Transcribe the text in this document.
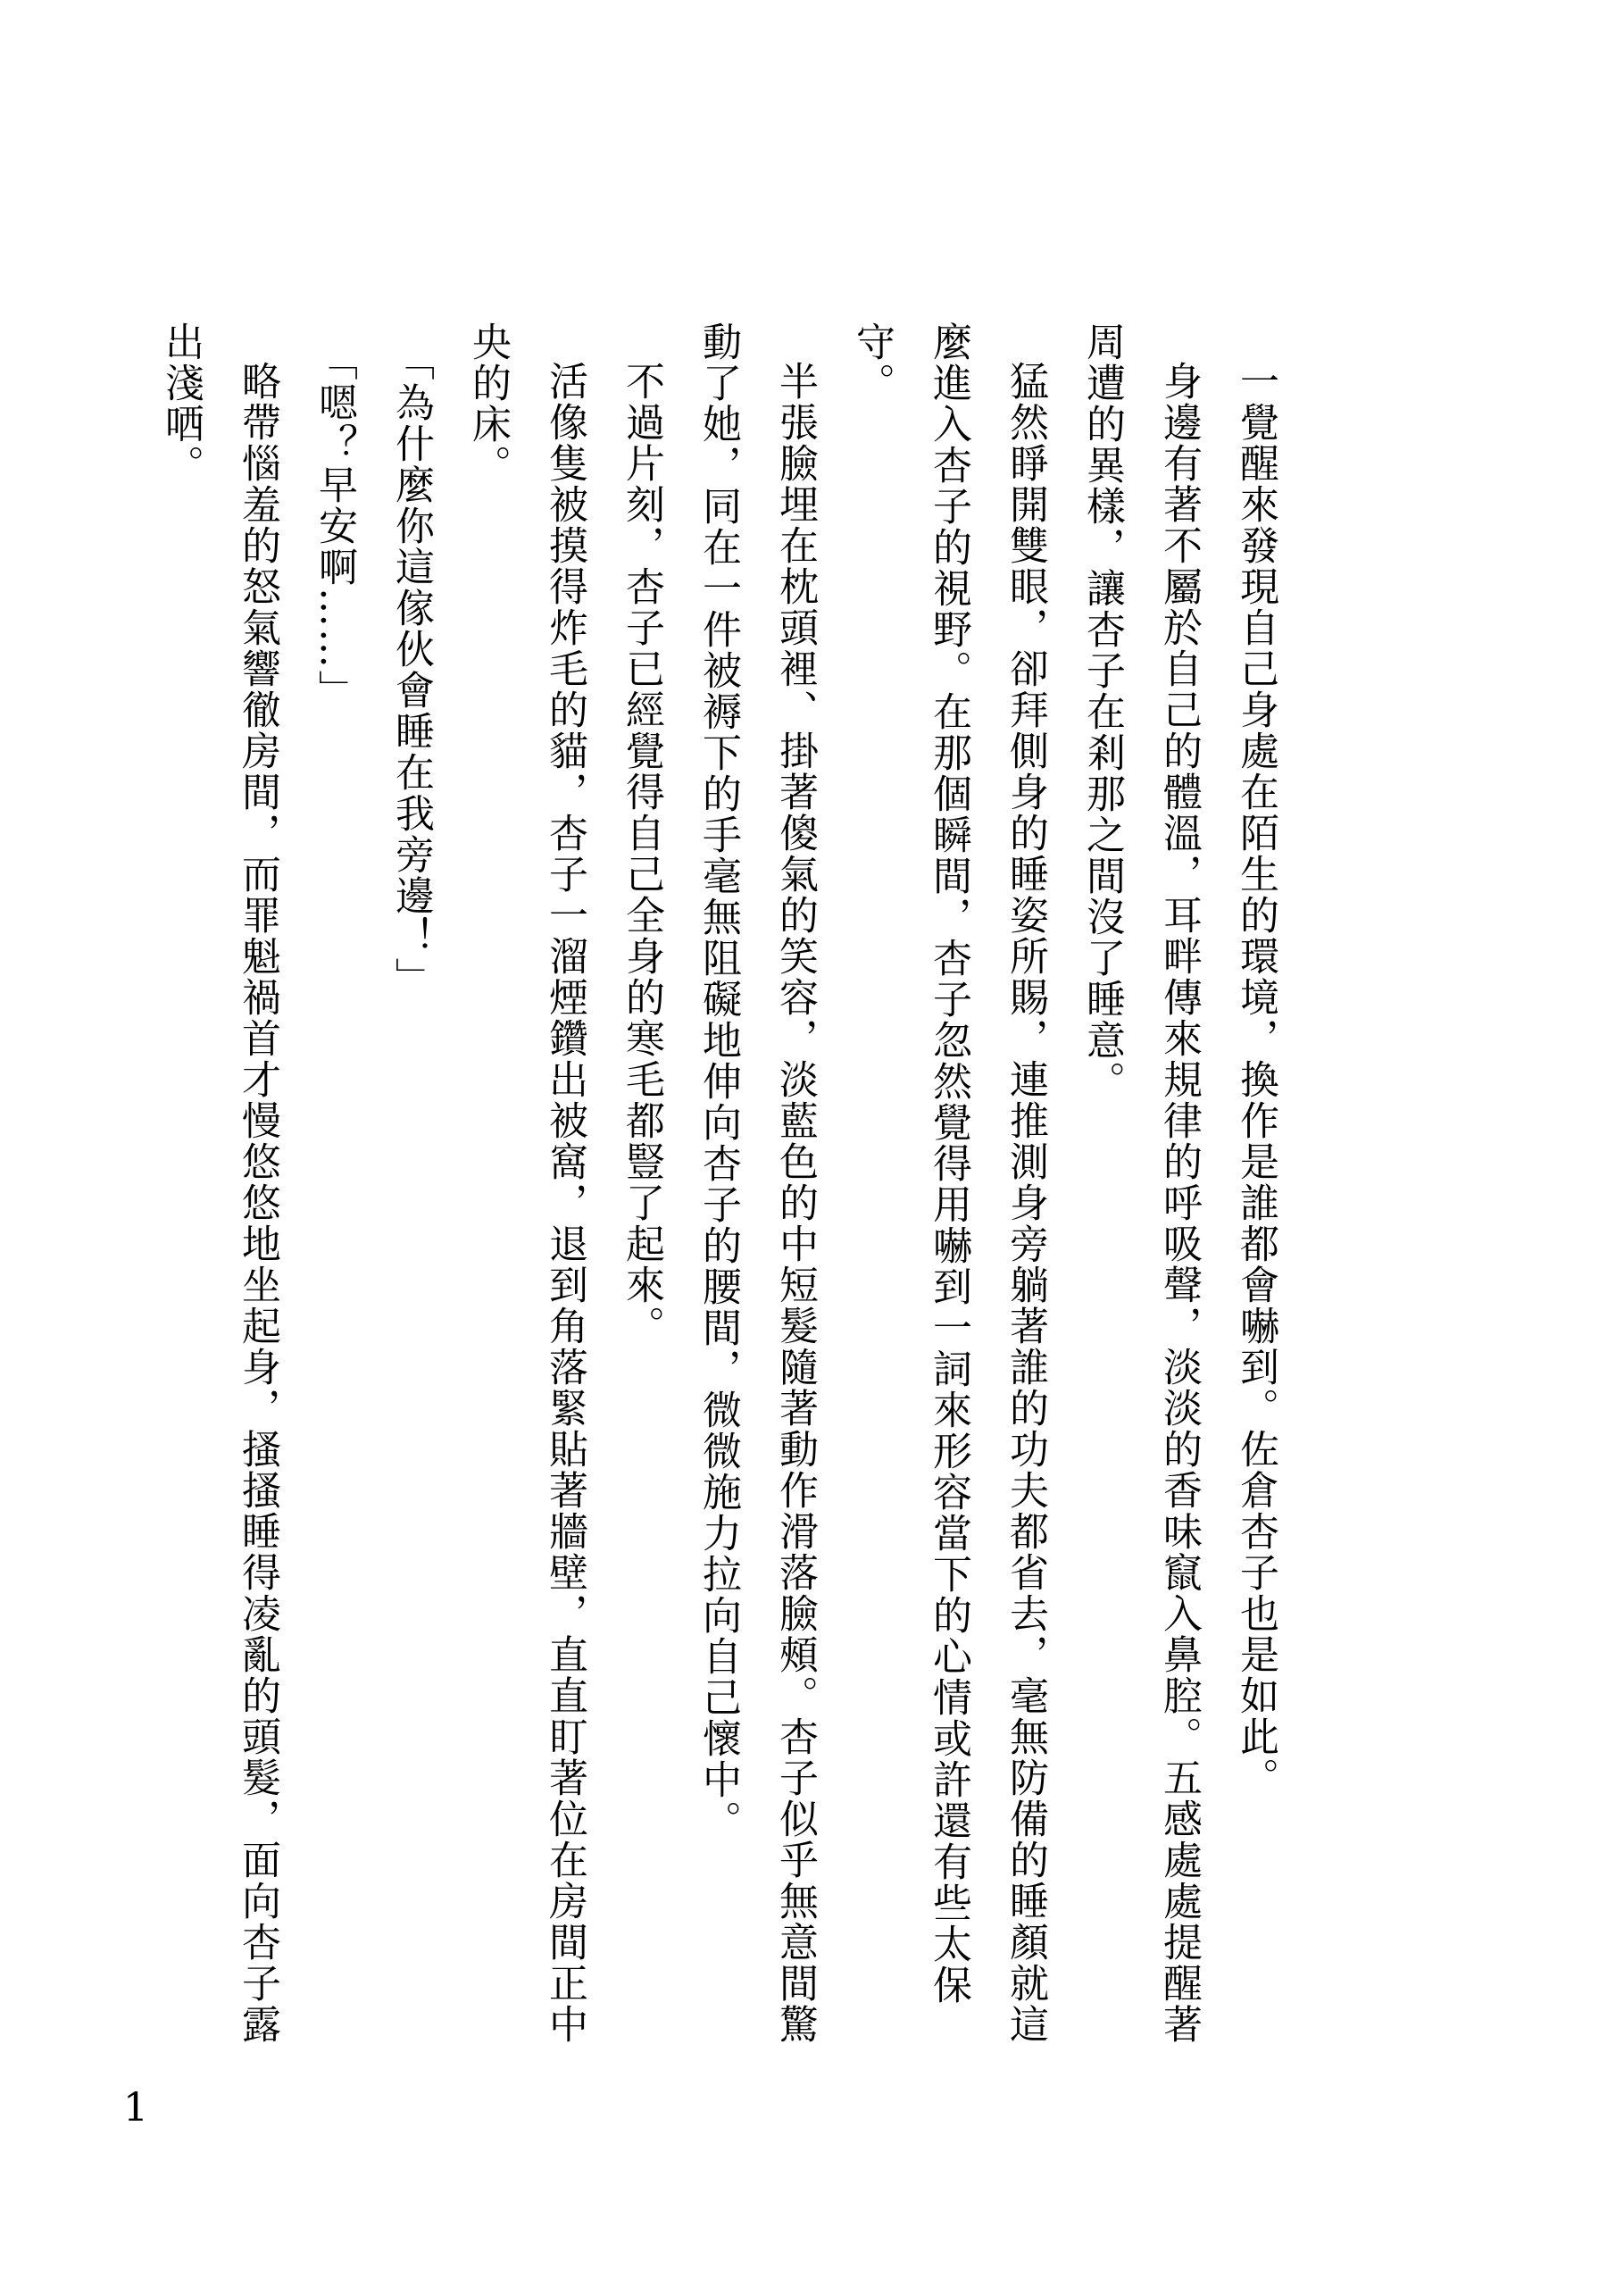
一覺醒來發現自己身處在陌生的環境，換作是誰都會嚇到。佐倉杏子也是如此。

身邊有著不屬於自己的體溫，耳畔傳來規律的呼吸聲，淡淡的香味竄入鼻腔。五感處處提醒著周遭的異樣，讓杏子在剎那之間沒了睡意。

猛然睜開雙眼，卻拜側身的睡姿所賜，連推測身旁躺著誰的功夫都省去，毫無防備的睡顏就這麼進入杏子的視野。在那個瞬間，杏子忽然覺得用嚇到一詞來形容當下的心情或許還有些太保守。

半張臉埋在枕頭裡、掛著傻氣的笑容，淡藍色的中短髮隨著動作滑落臉頰。杏子似乎無意間驚動了她，同在一件被褥下的手毫無阻礙地伸向杏子的腰間，微微施力拉向自己懷中。

不過片刻，杏子已經覺得自己全身的寒毛都豎了起來。

活像隻被摸得炸毛的貓，杏子一溜煙鑽出被窩，退到角落緊貼著牆壁，直直盯著位在房間正中央的床。

「為什麼你這傢伙會睡在我旁邊！」

「嗯？早安啊……」

略帶惱羞的怒氣響徹房間，而罪魁禍首才慢悠悠地坐起身，搔搔睡得凌亂的頭髮，面向杏子露出淺哂。

1
